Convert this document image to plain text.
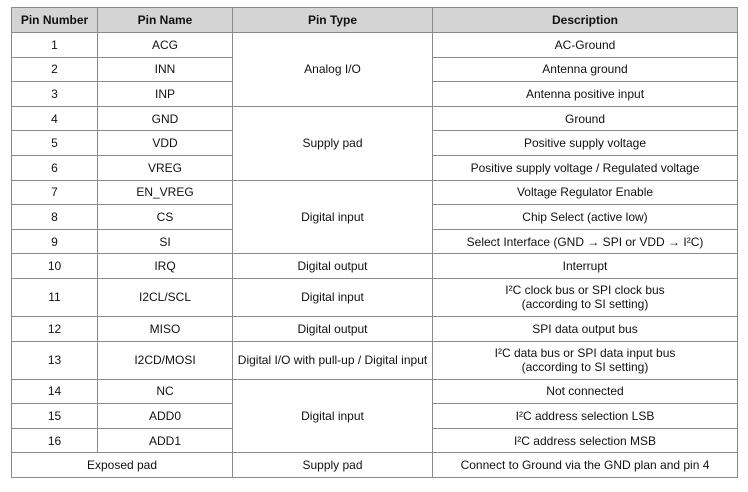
Pin Number	Pin Name	Pin Type	Description
1	ACG	Analog I/O	AC-Ground
2	INN		Antenna ground
3	INP		Antenna positive input
4	GND	Supply pad	Ground
5	VDD		Positive supply voltage
6	VREG		Positive supply voltage / Regulated voltage
7	EN_VREG	Digital input	Voltage Regulator Enable
8	CS		Chip Select (active low)
9	SI		Select Interface (GND → SPI or VDD → I²C)
10	IRQ	Digital output	Interrupt
11	I2CL/SCL	Digital input	I²C clock bus or SPI clock bus
(according to SI setting)
12	MISO	Digital output	SPI data output bus
13	I2CD/MOSI	Digital I/O with pull-up / Digital input	I²C data bus or SPI data input bus
(according to SI setting)
14	NC	Digital input	Not connected
15	ADD0		I²C address selection LSB
16	ADD1		I²C address selection MSB
Exposed pad		Supply pad	Connect to Ground via the GND plan and pin 4
